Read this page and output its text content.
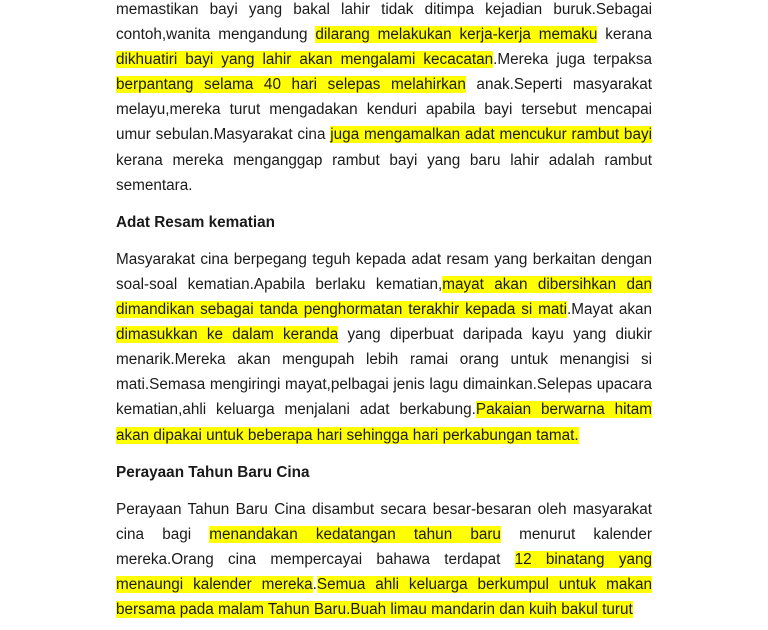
memastikan bayi yang bakal lahir tidak ditimpa kejadian buruk.Sebagai contoh,wanita mengandung dilarang melakukan kerja-kerja memaku kerana dikhuatiri bayi yang lahir akan mengalami kecacatan.Mereka juga terpaksa berpantang selama 40 hari selepas melahirkan anak.Seperti masyarakat melayu,mereka turut mengadakan kenduri apabila bayi tersebut mencapai umur sebulan.Masyarakat cina juga mengamalkan adat mencukur rambut bayi kerana mereka menganggap rambut bayi yang baru lahir adalah rambut sementara.

Adat Resam kematian

Masyarakat cina berpegang teguh kepada adat resam yang berkaitan dengan soal-soal kematian.Apabila berlaku kematian,mayat akan dibersihkan dan dimandikan sebagai tanda penghormatan terakhir kepada si mati.Mayat akan dimasukkan ke dalam keranda yang diperbuat daripada kayu yang diukir menarik.Mereka akan mengupah lebih ramai orang untuk menangisi si mati.Semasa mengiringi mayat,pelbagai jenis lagu dimainkan.Selepas upacara kematian,ahli keluarga menjalani adat berkabung.Pakaian berwarna hitam akan dipakai untuk beberapa hari sehingga hari perkabungan tamat.

Perayaan Tahun Baru Cina

Perayaan Tahun Baru Cina disambut secara besar-besaran oleh masyarakat cina bagi menandakan kedatangan tahun baru menurut kalender mereka.Orang cina mempercayai bahawa terdapat 12 binatang yang menaungi kalender mereka.Semua ahli keluarga berkumpul untuk makan bersama pada malam Tahun Baru.Buah limau mandarin dan kuih bakul turut
